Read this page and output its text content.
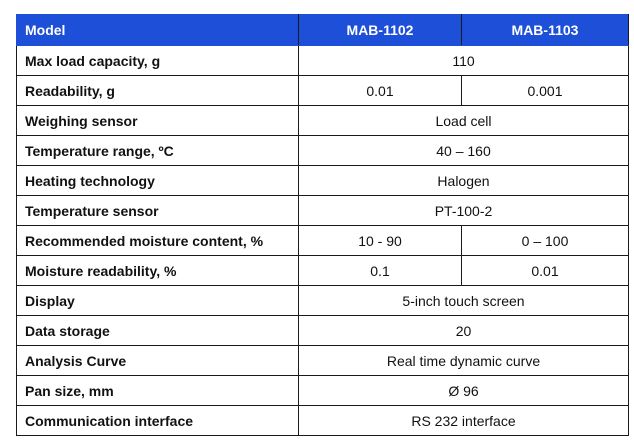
Model	MAB-1102	MAB-1103
Max load capacity, g	110	
Readability, g	0.01	0.001
Weighing sensor	Load cell	
Temperature range, ºC	40 – 160	
Heating technology	Halogen	
Temperature sensor	PT-100-2	
Recommended moisture content, %	10 - 90	0 – 100
Moisture readability, %	0.1	0.01
Display	5-inch touch screen	
Data storage	20	
Analysis Curve	Real time dynamic curve	
Pan size, mm	Ø 96	
Communication interface	RS 232 interface	
